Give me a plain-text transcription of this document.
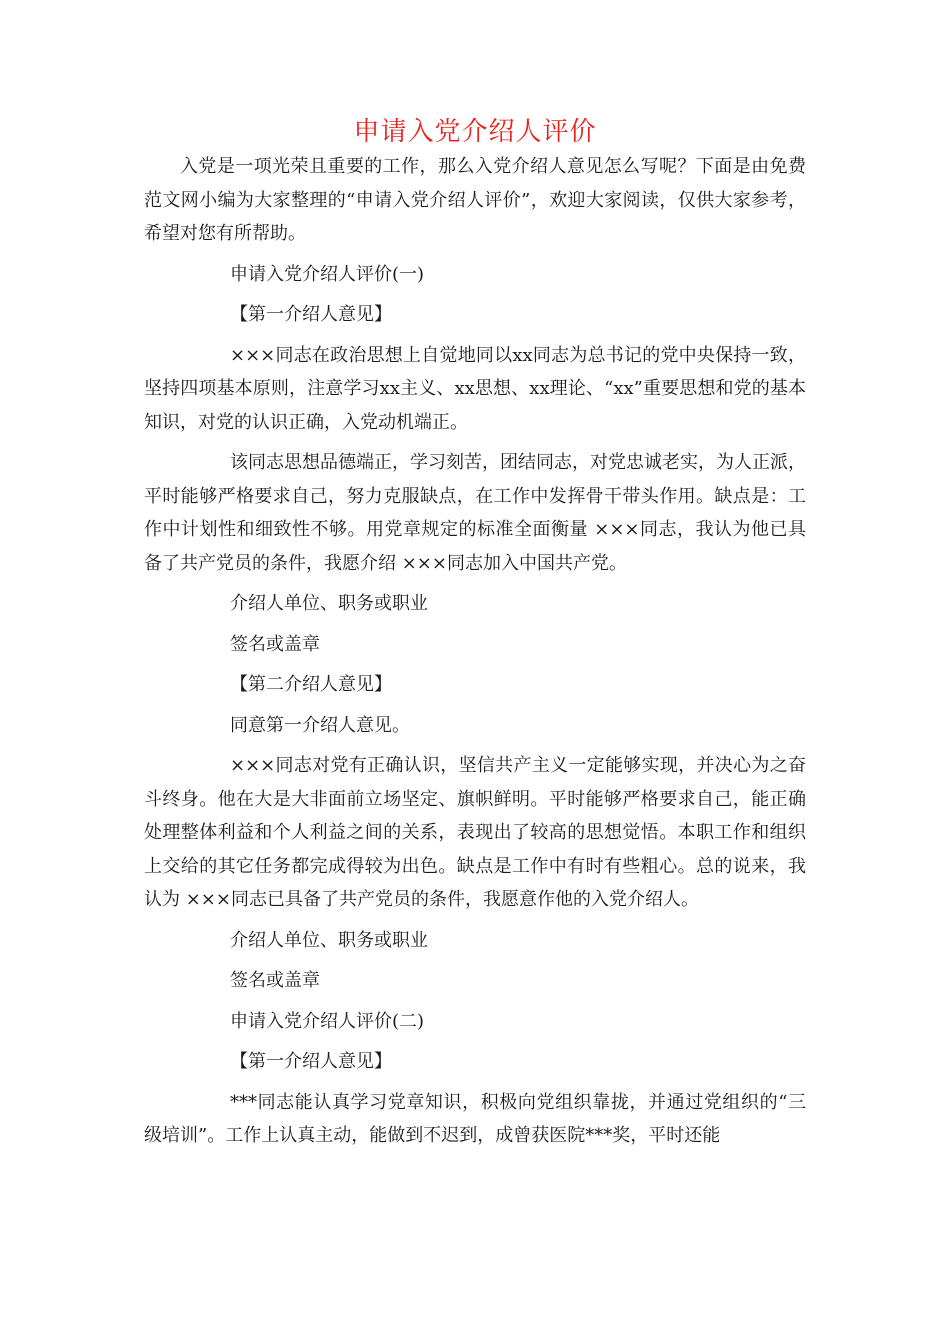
申请入党介绍人评价

入党是一项光荣且重要的工作，那么入党介绍人意见怎么写呢？下面是由免费范文网小编为大家整理的“申请入党介绍人评价”，欢迎大家阅读，仅供大家参考，希望对您有所帮助。

申请入党介绍人评价(一)

【第一介绍人意见】

×××同志在政治思想上自觉地同以xx同志为总书记的党中央保持一致，坚持四项基本原则，注意学习xx主义、xx思想、xx理论、“xx”重要思想和党的基本知识，对党的认识正确，入党动机端正。

该同志思想品德端正，学习刻苦，团结同志，对党忠诚老实，为人正派，平时能够严格要求自己，努力克服缺点，在工作中发挥骨干带头作用。缺点是：工作中计划性和细致性不够。用党章规定的标准全面衡量 ×××同志，我认为他已具备了共产党员的条件，我愿介绍 ×××同志加入中国共产党。

介绍人单位、职务或职业

签名或盖章

【第二介绍人意见】

同意第一介绍人意见。

×××同志对党有正确认识，坚信共产主义一定能够实现，并决心为之奋斗终身。他在大是大非面前立场坚定、旗帜鲜明。平时能够严格要求自己，能正确处理整体利益和个人利益之间的关系，表现出了较高的思想觉悟。本职工作和组织上交给的其它任务都完成得较为出色。缺点是工作中有时有些粗心。总的说来，我认为 ×××同志已具备了共产党员的条件，我愿意作他的入党介绍人。

介绍人单位、职务或职业

签名或盖章

申请入党介绍人评价(二)

【第一介绍人意见】

***同志能认真学习党章知识，积极向党组织靠拢，并通过党组织的“三级培训”。工作上认真主动，能做到不迟到，成曾获医院***奖，平时还能
